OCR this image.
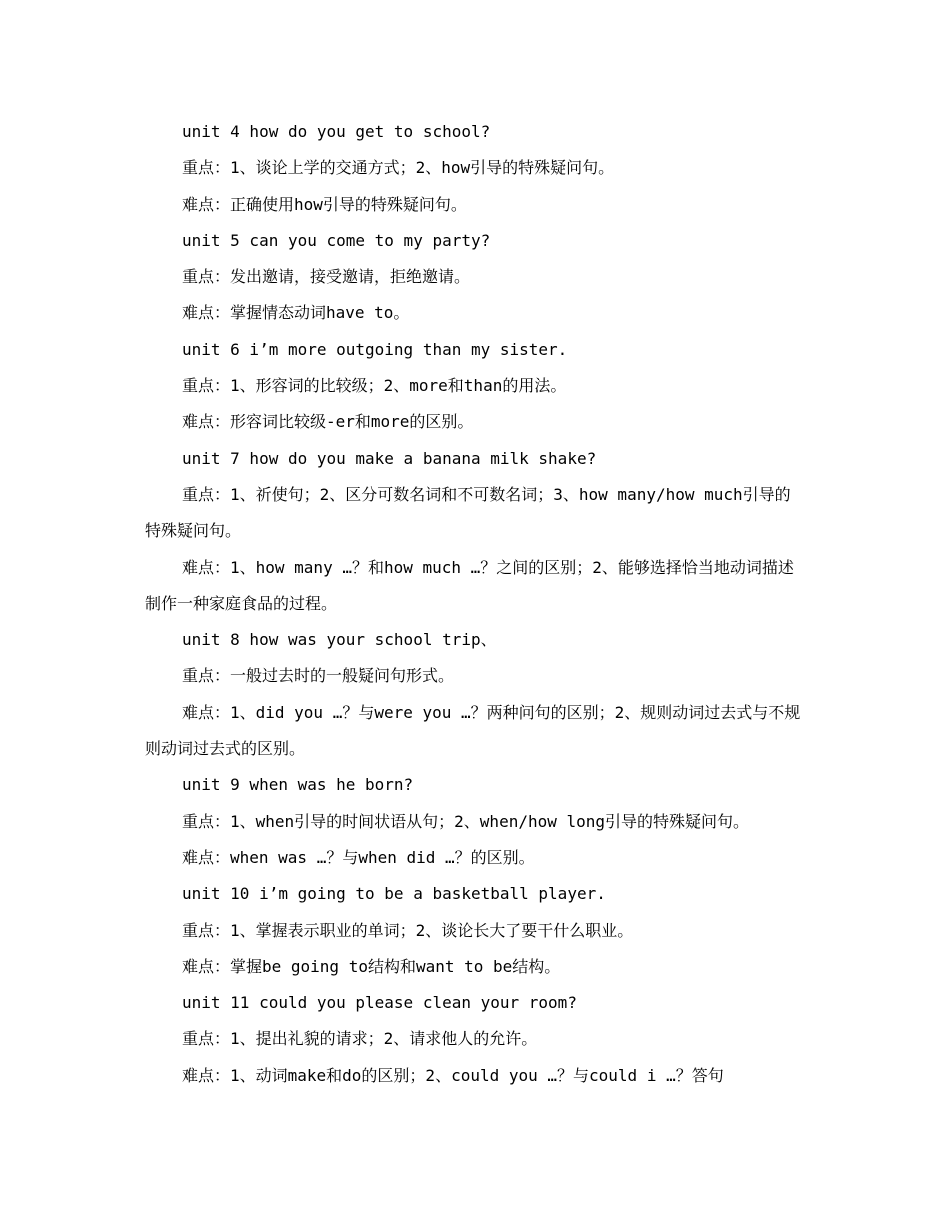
unit 4 how do you get to school?

重点：1、谈论上学的交通方式；2、how引导的特殊疑问句。

难点：正确使用how引导的特殊疑问句。

unit 5 can you come to my party?

重点：发出邀请，接受邀请，拒绝邀请。

难点：掌握情态动词have to。

unit 6 i’m more outgoing than my sister.

重点：1、形容词的比较级；2、more和than的用法。

难点：形容词比较级-er和more的区别。

unit 7 how do you make a banana milk shake?

重点：1、祈使句；2、区分可数名词和不可数名词；3、how many/how much引导的特殊疑问句。

难点：1、how many …？和how much …？之间的区别；2、能够选择恰当地动词描述制作一种家庭食品的过程。

unit 8 how was your school trip、

重点：一般过去时的一般疑问句形式。

难点：1、did you …？与were you …？两种问句的区别；2、规则动词过去式与不规则动词过去式的区别。

unit 9 when was he born?

重点：1、when引导的时间状语从句；2、when/how long引导的特殊疑问句。

难点：when was …？与when did …？的区别。

unit 10 i’m going to be a basketball player.

重点：1、掌握表示职业的单词；2、谈论长大了要干什么职业。

难点：掌握be going to结构和want to be结构。

unit 11 could you please clean your room?

重点：1、提出礼貌的请求；2、请求他人的允许。

难点：1、动词make和do的区别；2、could you …？与could i …？答句
